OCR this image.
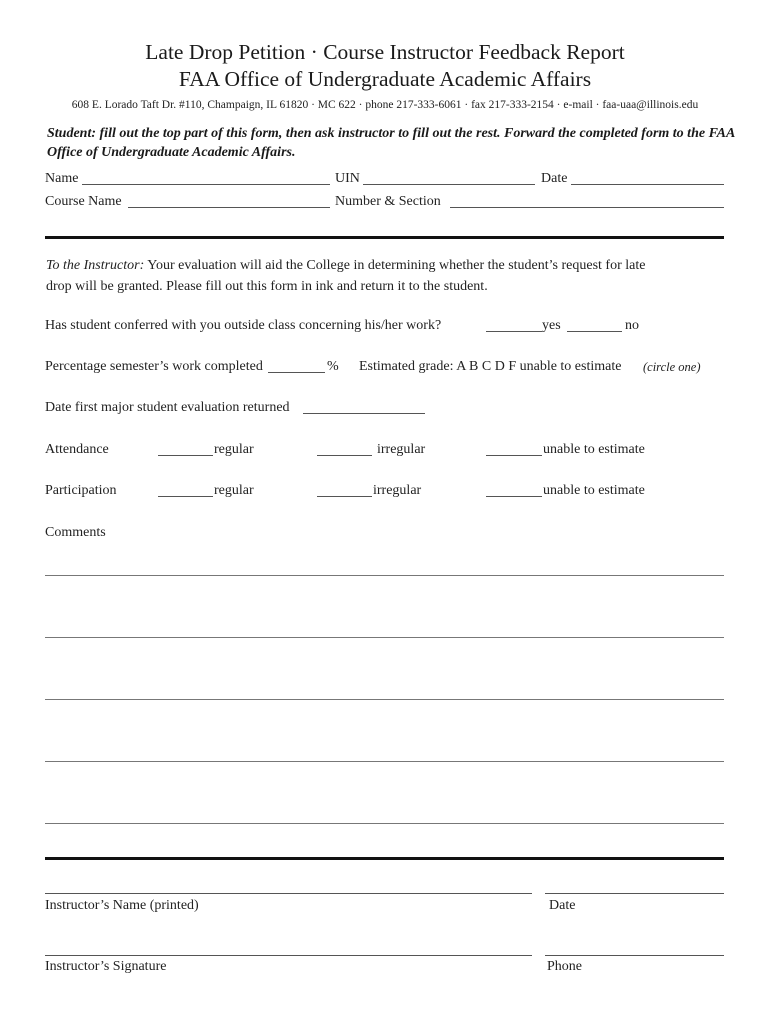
Late Drop Petition · Course Instructor Feedback Report
FAA Office of Undergraduate Academic Affairs
608 E. Lorado Taft Dr. #110, Champaign, IL 61820 · MC 622 · phone 217-333-6061 · fax 217-333-2154 · e-mail · faa-uaa@illinois.edu
Student: fill out the top part of this form, then ask instructor to fill out the rest. Forward the completed form to the FAA Office of Undergraduate Academic Affairs.
Name	UIN	Date
Course Name	Number & Section
To the Instructor: Your evaluation will aid the College in determining whether the student’s request for late drop will be granted. Please fill out this form in ink and return it to the student.
Has student conferred with you outside class concerning his/her work?	yes	no
Percentage semester’s work completed	% Estimated grade: A B C D F unable to estimate (circle one)
Date first major student evaluation returned
Attendance	regular	irregular	unable to estimate
Participation	regular	irregular	unable to estimate
Comments
Instructor’s Name (printed)	Date
Instructor’s Signature	Phone
